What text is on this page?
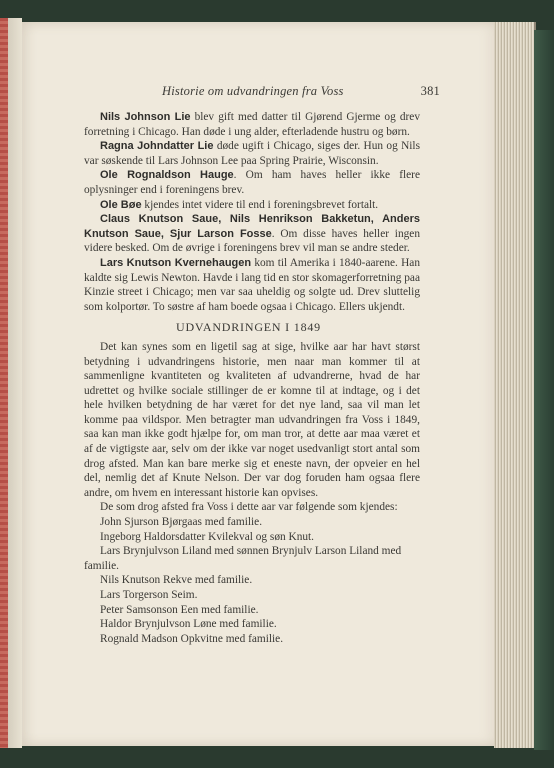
Historie om udvandringen fra Voss	381

Nils Johnson Lie blev gift med datter til Gjørend Gjerme og drev forretning i Chicago. Han døde i ung alder, efterladende hustru og børn.

Ragna Johndatter Lie døde ugift i Chicago, siges der. Hun og Nils var søskende til Lars Johnson Lee paa Spring Prairie, Wisconsin.

Ole Rognaldson Hauge. Om ham haves heller ikke flere oplysninger end i foreningens brev.

Ole Bøe kjendes intet videre til end i foreningsbrevet fortalt.

Claus Knutson Saue, Nils Henrikson Bakketun, Anders Knutson Saue, Sjur Larson Fosse. Om disse haves heller ingen videre besked. Om de øvrige i foreningens brev vil man se andre steder.

Lars Knutson Kvernehaugen kom til Amerika i 1840-aarene. Han kaldte sig Lewis Newton. Havde i lang tid en stor skomagerforretning paa Kinzie street i Chicago; men var saa uheldig og solgte ud. Drev sluttelig som kolportør. To søstre af ham boede ogsaa i Chicago. Ellers ukjendt.

UDVANDRINGEN I 1849

Det kan synes som en ligetil sag at sige, hvilke aar har havt størst betydning i udvandringens historie, men naar man kommer til at sammenligne kvantiteten og kvaliteten af udvandrerne, hvad de har udrettet og hvilke sociale stillinger de er komne til at indtage, og i det hele hvilken betydning de har været for det nye land, saa vil man let komme paa vildspor. Men betragter man udvandringen fra Voss i 1849, saa kan man ikke godt hjælpe for, om man tror, at dette aar maa været et af de vigtigste aar, selv om der ikke var noget usedvanligt stort antal som drog afsted. Man kan bare merke sig et eneste navn, der opveier en hel del, nemlig det af Knute Nelson. Der var dog foruden ham ogsaa flere andre, om hvem en interessant historie kan opvises.

De som drog afsted fra Voss i dette aar var følgende som kjendes:

John Sjurson Bjørgaas med familie.
Ingeborg Haldorsdatter Kvilekval og søn Knut.
Lars Brynjulvson Liland med sønnen Brynjulv Larson Liland med familie.
Nils Knutson Rekve med familie.
Lars Torgerson Seim.
Peter Samsonson Een med familie.
Haldor Brynjulvson Løne med familie.
Rognald Madson Opkvitne med familie.
